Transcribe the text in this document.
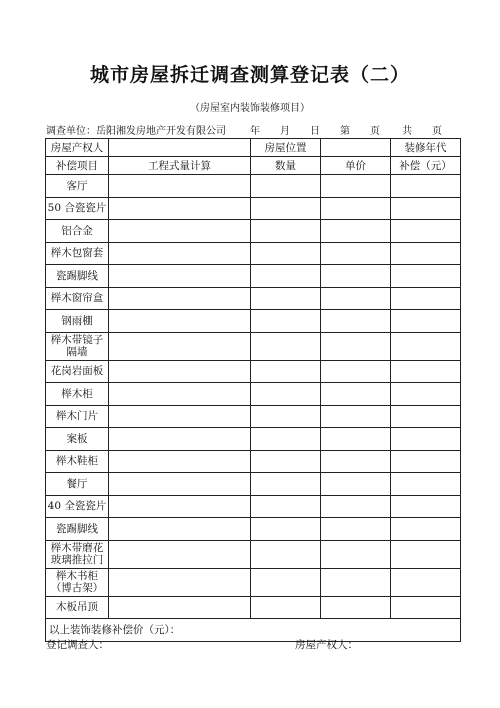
城市房屋拆迁调查测算登记表（二）
（房屋室内装饰装修项目）
调查单位：岳阳湘发房地产开发有限公司 年　　月　　日 第　　页 共　　页
房屋产权人		房屋位置		装修年代
补偿项目	工程式量计算	数量	单价	补偿（元）
客厅				
50 合瓷瓷片				
铝合金				
榉木包窗套				
瓷踢脚线				
榉木窗帘盒				
钢雨棚				
榉木带镜子隔墙				
花岗岩面板				
榉木柜				
榉木门片				
案板				
榉木鞋柜				
餐厅				
40 全瓷瓷片				
瓷踢脚线				
榉木带磨花玻璃推拉门				
榉木书柜（博古架）				
木板吊顶				
以上装饰装修补偿价（元）：				
登记调查人：	房屋产权人：
